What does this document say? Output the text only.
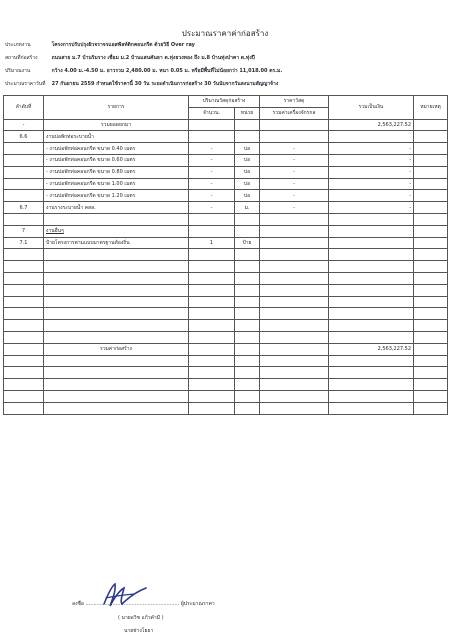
ประมาณราคาค่าก่อสร้าง
ประเภทงาน	โครงการปรับปรุงผิวจราจรแอสฟัลท์ติกคอนกรีต ด้วยวิธี Over ray
สถานที่ก่อสร้าง	ถนนสาย ม.7 บ้านริมราง เชื่อม ม.2 บ้านแสนคันธา ต.ทุ่งธวงทอง ถึง ม.8 บ้านทุ่งป่าคา ต.ทุ่งปี
ปริมาณงาน	กว้าง 4.00 ม.-4.50 ม. ยาวรวม 2,480.00 ม. หนา 0.05 ม. หรือมีพื้นที่ไม่น้อยกว่า 11,018.00 ตร.ม.
ประมาณราคาวันที่ 27 กันยายน 2559 กำหนดใช้ราคานี้ 30 วัน ระยะดำเนินการก่อสร้าง 30 วันนับจากวันลงนามสัญญาจ้าง
ลำดับที่	รายการ	ปริมาณวัสดุก่อสร้าง		ราคาวัสดุ	รวมเป็นเงิน	หมายเหตุ
		จำนวน.	หน่วย	รวมค่าเครื่องจักรกล		
-	รวมยอดยกมา				2,563,227.52	
6.6	งานบ่อพักท่อระบายน้ำ					
	- งานบ่อพักท่อคอนกรีต ขนาด 0.40 เมตร	-	บ่อ	-	-	
	- งานบ่อพักท่อคอนกรีต ขนาด 0.60 เมตร	-	บ่อ	-	-	
	- งานบ่อพักท่อคอนกรีต ขนาด 0.80 เมตร	-	บ่อ	-	-	
	- งานบ่อพักท่อคอนกรีต ขนาด 1.00 เมตร	-	บ่อ	-	-	
	- งานบ่อพักท่อคอนกรีต ขนาด 1.20 เมตร	-	บ่อ	-	-	
6.7	งานรางระบายน้ำ คสล.	-	ม.	-	-	

7	งานอื่นๆ					
7.1	ป้ายโครงการตามแบบมาตรฐานท้องถิ่น	1	ป้าย			

	รวมค่าก่อสร้าง				2,563,227.52	

ลงชื่อ ........................................................... ผู้ประมาณราคา
( นายอวิช แก้วคำมี )
นายช่างโยธา
